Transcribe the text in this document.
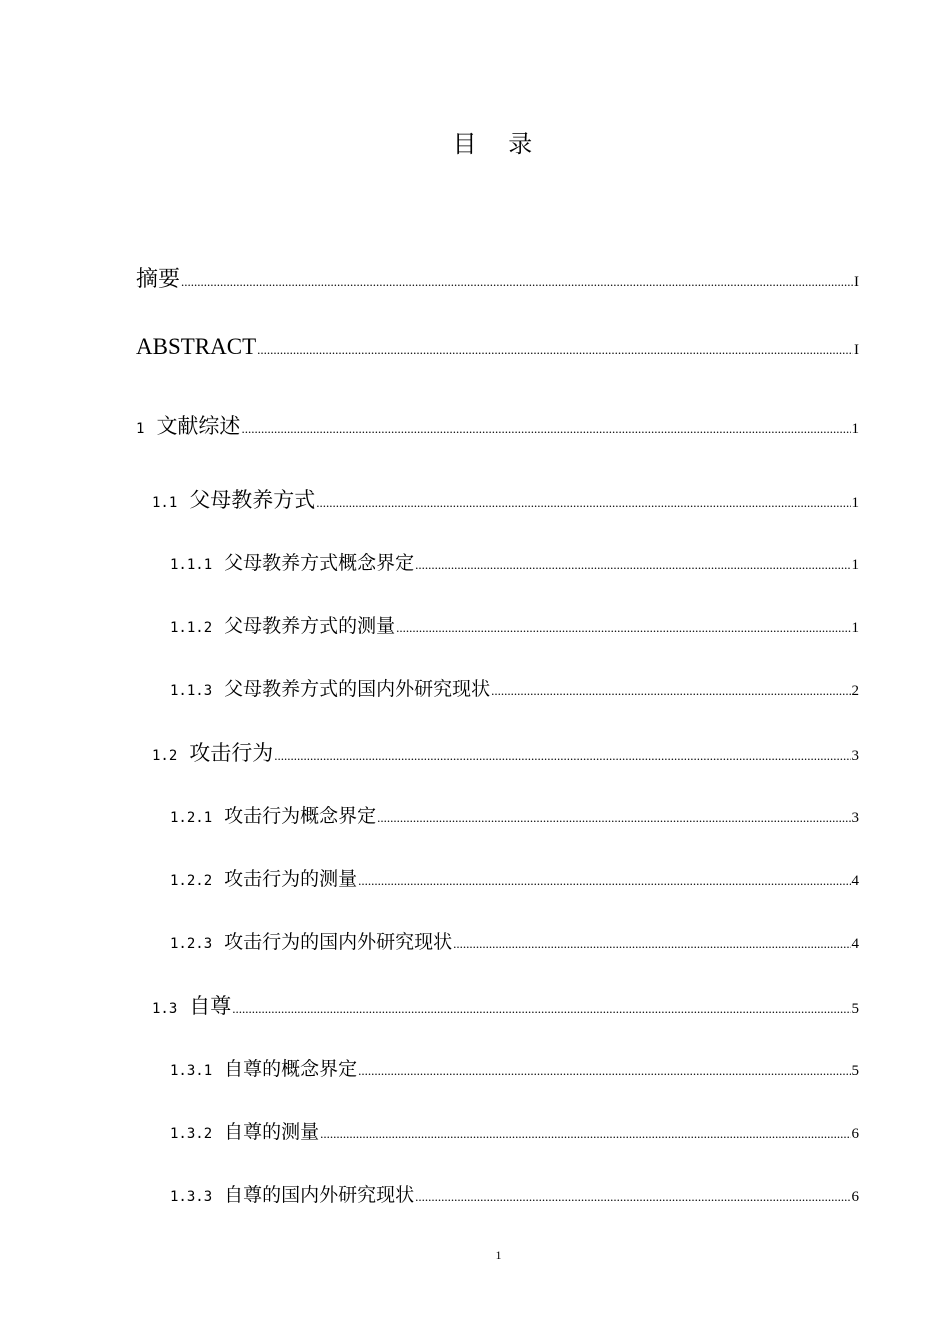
目 录
摘要 .....	I
ABSTRACT .....	I
1 文献综述 .....	1
1.1 父母教养方式 .....	1
1.1.1 父母教养方式概念界定 .....	1
1.1.2 父母教养方式的测量 .....	1
1.1.3 父母教养方式的国内外研究现状 .....	2
1.2 攻击行为 .....	3
1.2.1 攻击行为概念界定 .....	3
1.2.2 攻击行为的测量 .....	4
1.2.3 攻击行为的国内外研究现状 .....	4
1.3 自尊 .....	5
1.3.1 自尊的概念界定 .....	5
1.3.2 自尊的测量 .....	6
1.3.3 自尊的国内外研究现状 .....	6
1
